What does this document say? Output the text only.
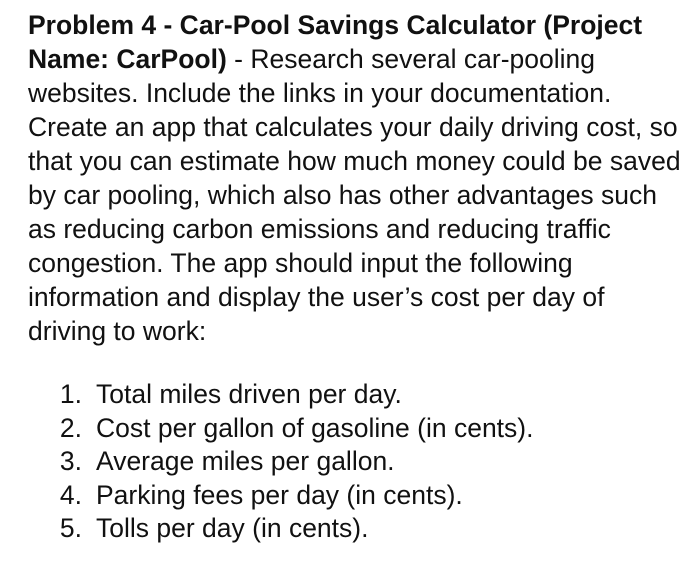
Problem 4 - Car-Pool Savings Calculator (Project Name: CarPool) - Research several car-pooling websites. Include the links in your documentation. Create an app that calculates your daily driving cost, so that you can estimate how much money could be saved by car pooling, which also has other advantages such as reducing carbon emissions and reducing traffic congestion. The app should input the following information and display the user’s cost per day of driving to work:

1. Total miles driven per day.
2. Cost per gallon of gasoline (in cents).
3. Average miles per gallon.
4. Parking fees per day (in cents).
5. Tolls per day (in cents).
